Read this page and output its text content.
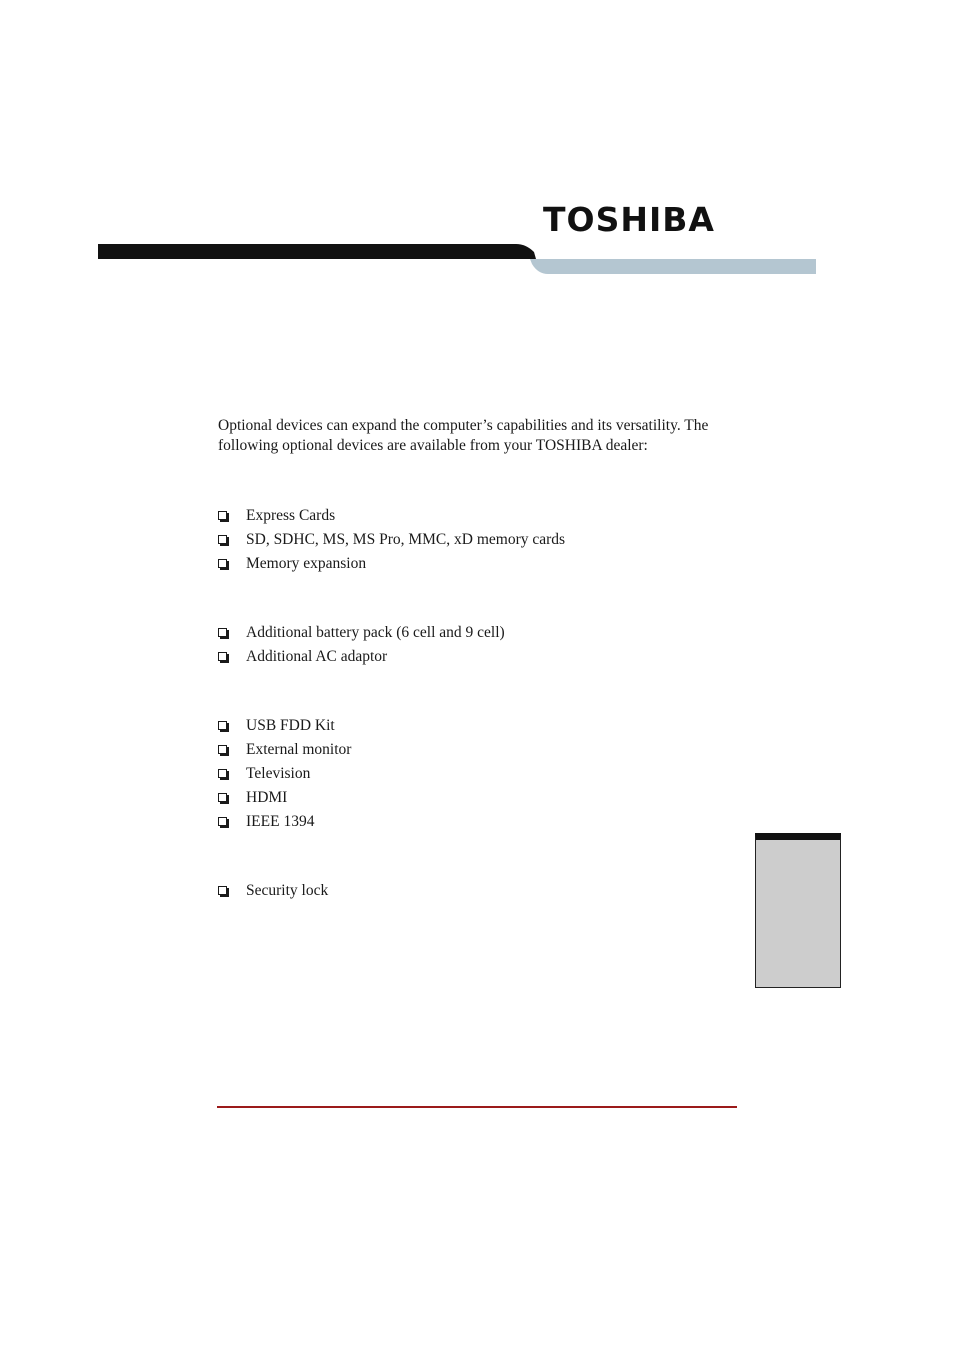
TOSHIBA

Optional devices can expand the computer’s capabilities and its versatility. The following optional devices are available from your TOSHIBA dealer:

Express Cards
SD, SDHC, MS, MS Pro, MMC, xD memory cards
Memory expansion
Additional battery pack (6 cell and 9 cell)
Additional AC adaptor
USB FDD Kit
External monitor
Television
HDMI
IEEE 1394
Security lock
